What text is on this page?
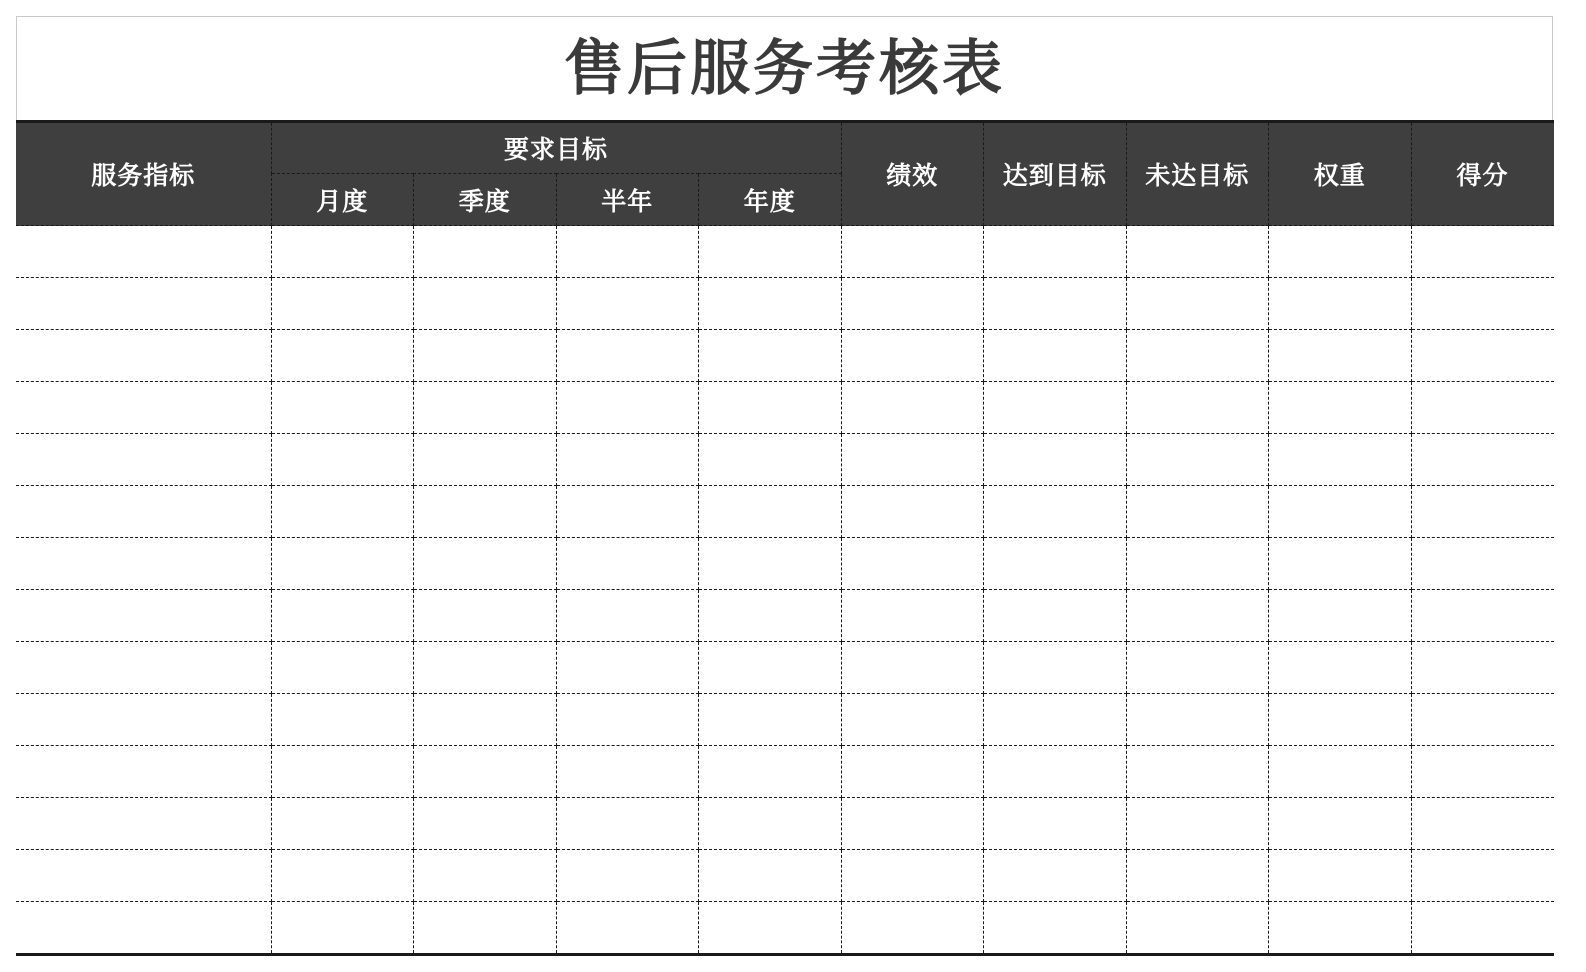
售后服务考核表
服务指标	要求目标				绩效	达到目标	未达目标	权重	得分
	月度	季度	半年	年度					
